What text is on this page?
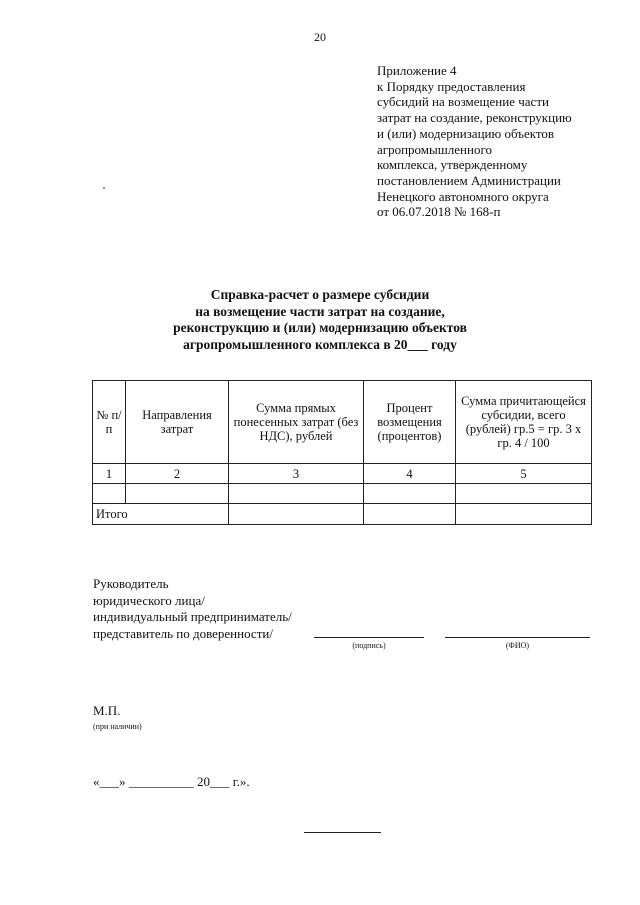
20
Приложение 4
к Порядку предоставления
субсидий на возмещение части
затрат на создание, реконструкцию
и (или) модернизацию объектов
агропромышленного
комплекса, утвержденному
постановлением Администрации
Ненецкого автономного округа
от 06.07.2018 № 168-п
Справка-расчет о размере субсидии
на возмещение части затрат на создание,
реконструкцию и (или) модернизацию объектов
агропромышленного комплекса в 20___ году
№ п/п	Направления затрат	Сумма прямых понесенных затрат (без НДС), рублей	Процент возмещения (процентов)	Сумма причитающейся субсидии, всего (рублей) гр.5 = гр. 3 x гр. 4 / 100
1	2	3	4	5

Итого				
Руководитель
юридического лица/
индивидуальный предприниматель/
представитель по доверенности/
(подпись)	(ФИО)
М.П.
(при наличии)
«___» __________ 20___ г.».
